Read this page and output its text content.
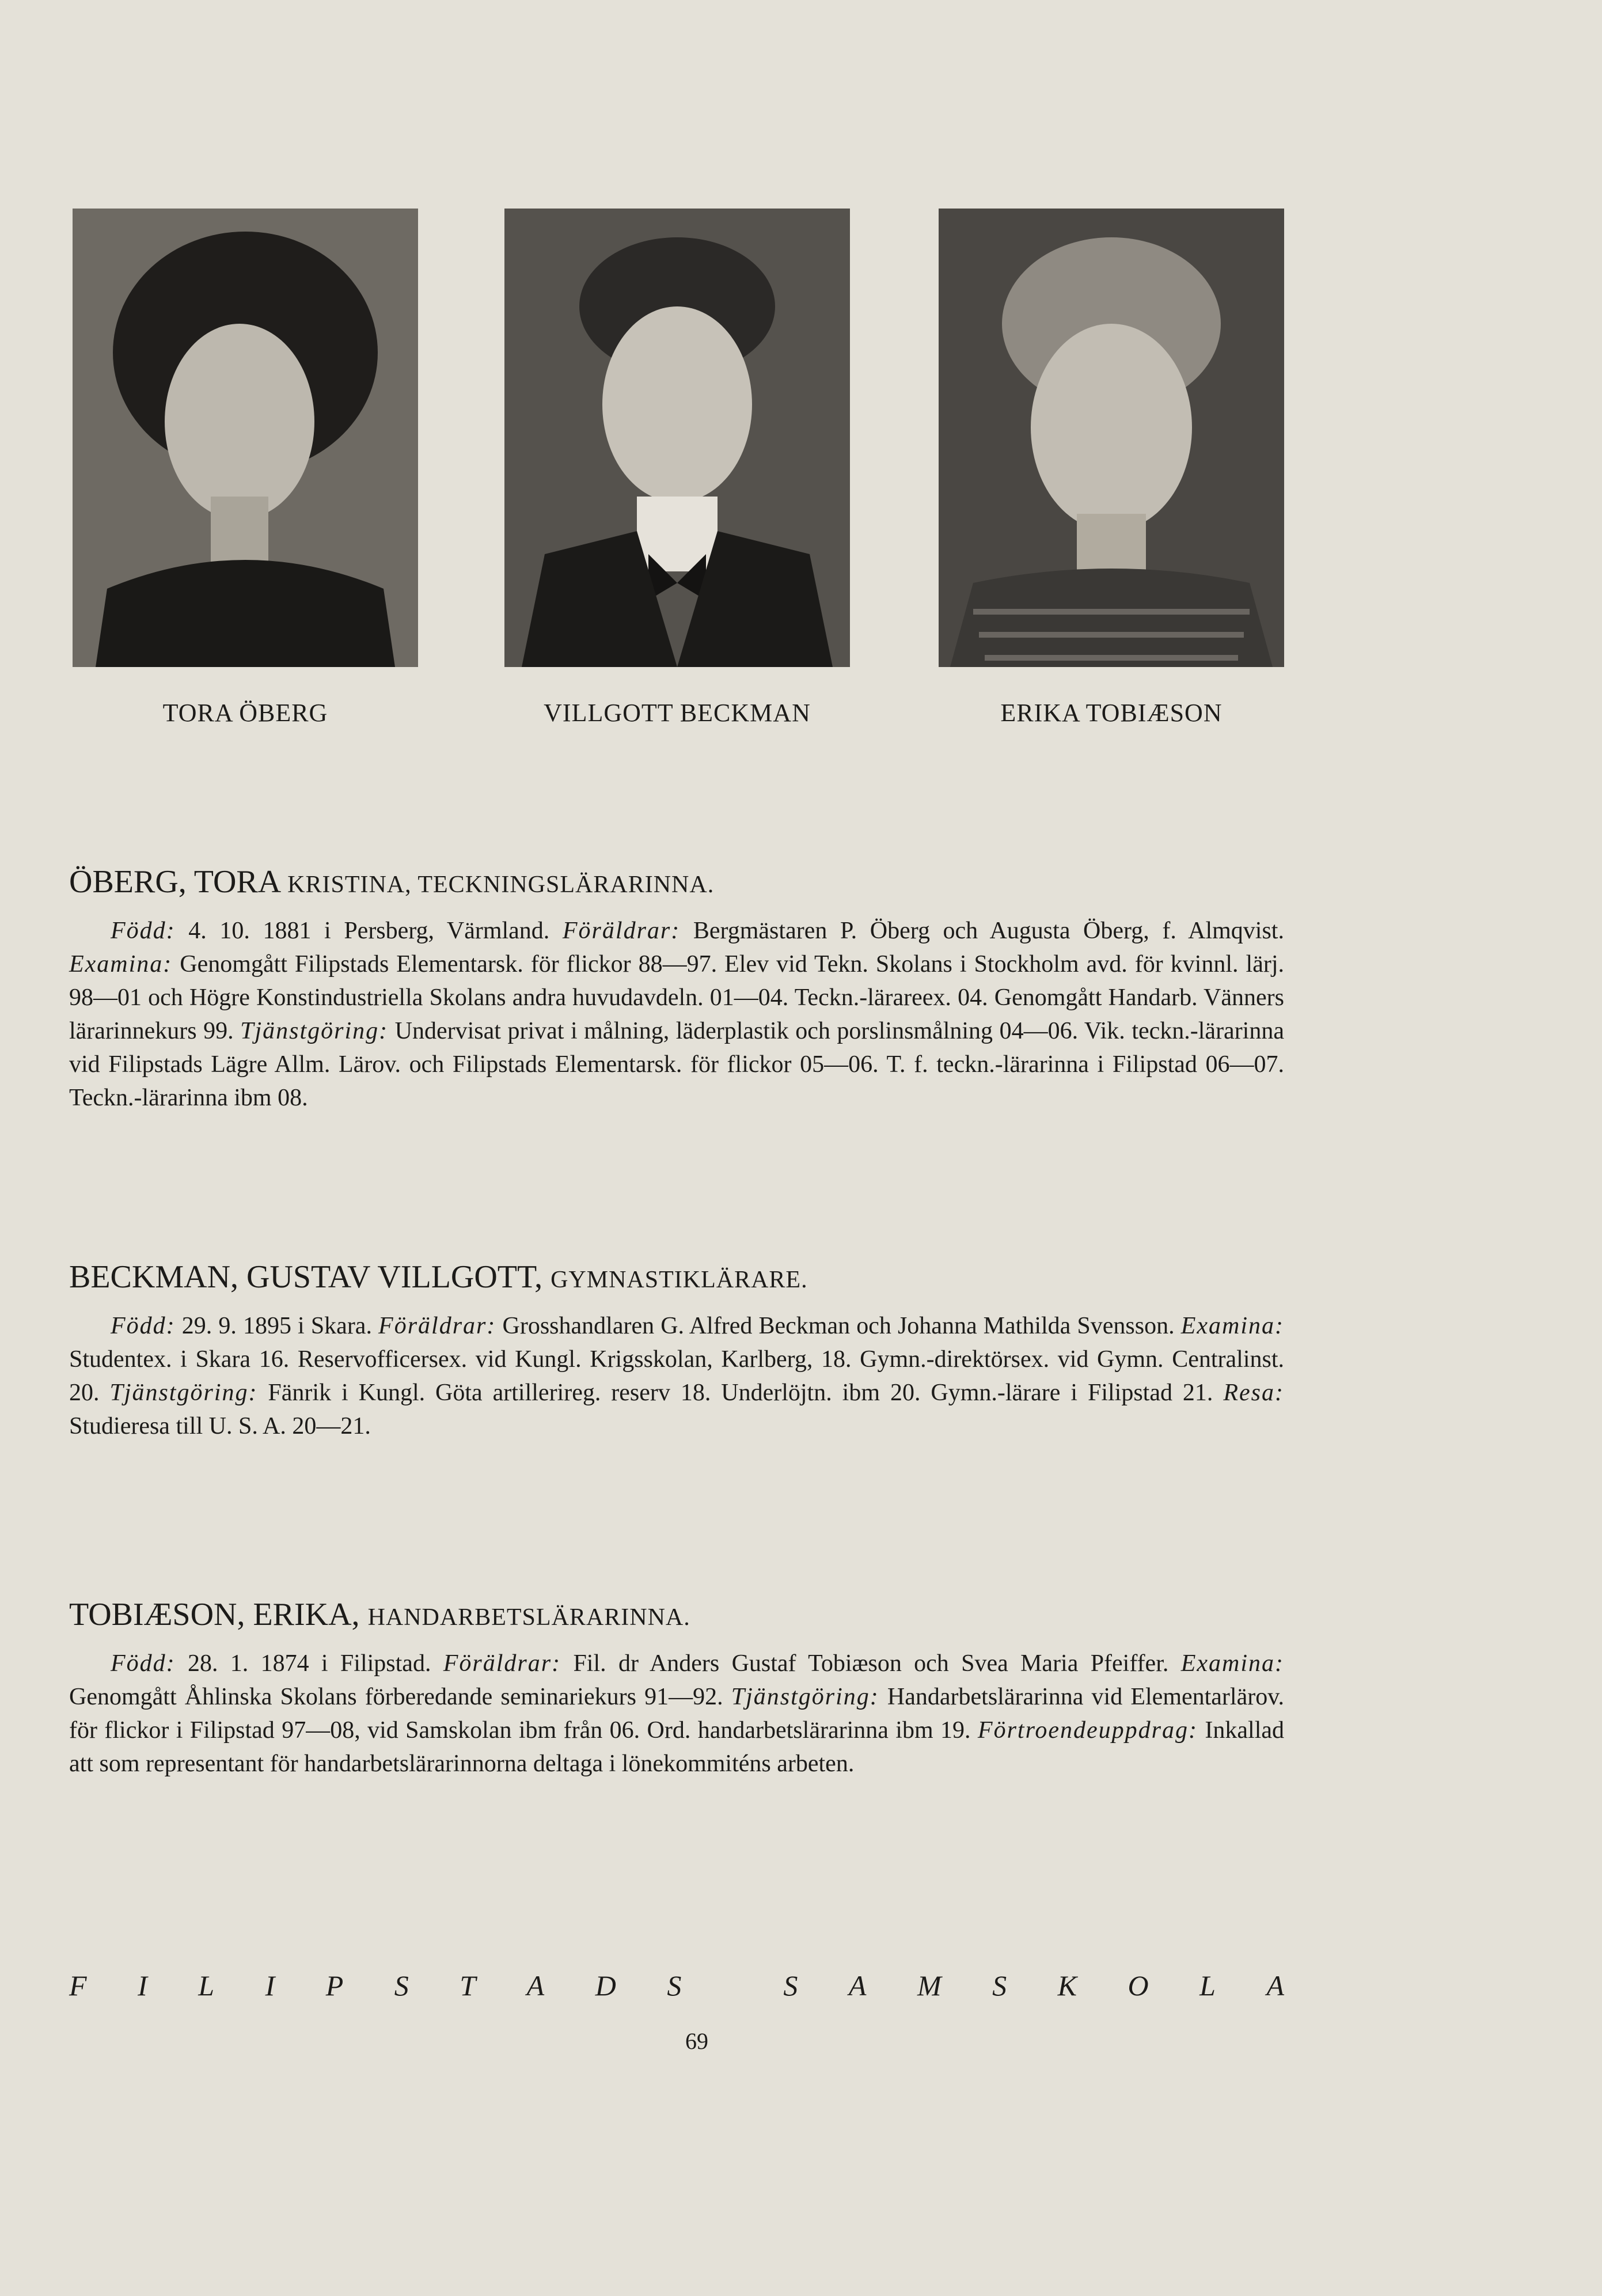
TORA ÖBERG	VILLGOTT BECKMAN	ERIKA TOBIÆSON
ÖBERG, TORA KRISTINA, TECKNINGSLÄRARINNA.
Född: 4. 10. 1881 i Persberg, Värmland. Föräldrar: Bergmästaren P. Öberg och Augusta Öberg, f. Almqvist. Examina: Genomgått Filipstads Elementarsk. för flickor 88—97. Elev vid Tekn. Skolans i Stockholm avd. för kvinnl. lärj. 98—01 och Högre Konstindustriella Skolans andra huvudavdeln. 01—04. Teckn.-lärareex. 04. Genomgått Handarb. Vänners lärarinnekurs 99. Tjänstgöring: Undervisat privat i målning, läderplastik och porslinsmålning 04—06. Vik. teckn.-lärarinna vid Filipstads Lägre Allm. Lärov. och Filipstads Elementarsk. för flickor 05—06. T. f. teckn.-lärarinna i Filipstad 06—07. Teckn.-lärarinna ibm 08.
BECKMAN, GUSTAV VILLGOTT, GYMNASTIKLÄRARE.
Född: 29. 9. 1895 i Skara. Föräldrar: Grosshandlaren G. Alfred Beckman och Johanna Mathilda Svensson. Examina: Studentex. i Skara 16. Reservofficersex. vid Kungl. Krigsskolan, Karlberg, 18. Gymn.-direktörsex. vid Gymn. Centralinst. 20. Tjänstgöring: Fänrik i Kungl. Göta artillerireg. reserv 18. Underlöjtn. ibm 20. Gymn.-lärare i Filipstad 21. Resa: Studieresa till U. S. A. 20—21.
TOBIÆSON, ERIKA, HANDARBETSLÄRARINNA.
Född: 28. 1. 1874 i Filipstad. Föräldrar: Fil. dr Anders Gustaf Tobiæson och Svea Maria Pfeiffer. Examina: Genomgått Åhlinska Skolans förberedande seminariekurs 91—92. Tjänstgöring: Handarbetslärarinna vid Elementarlärov. för flickor i Filipstad 97—08, vid Samskolan ibm från 06. Ord. handarbetslärarinna ibm 19. Förtroendeuppdrag: Inkallad att som representant för handarbetslärarinnorna deltaga i lönekommiténs arbeten.
F I L I P S T A D S	S A M S K O L A
69
